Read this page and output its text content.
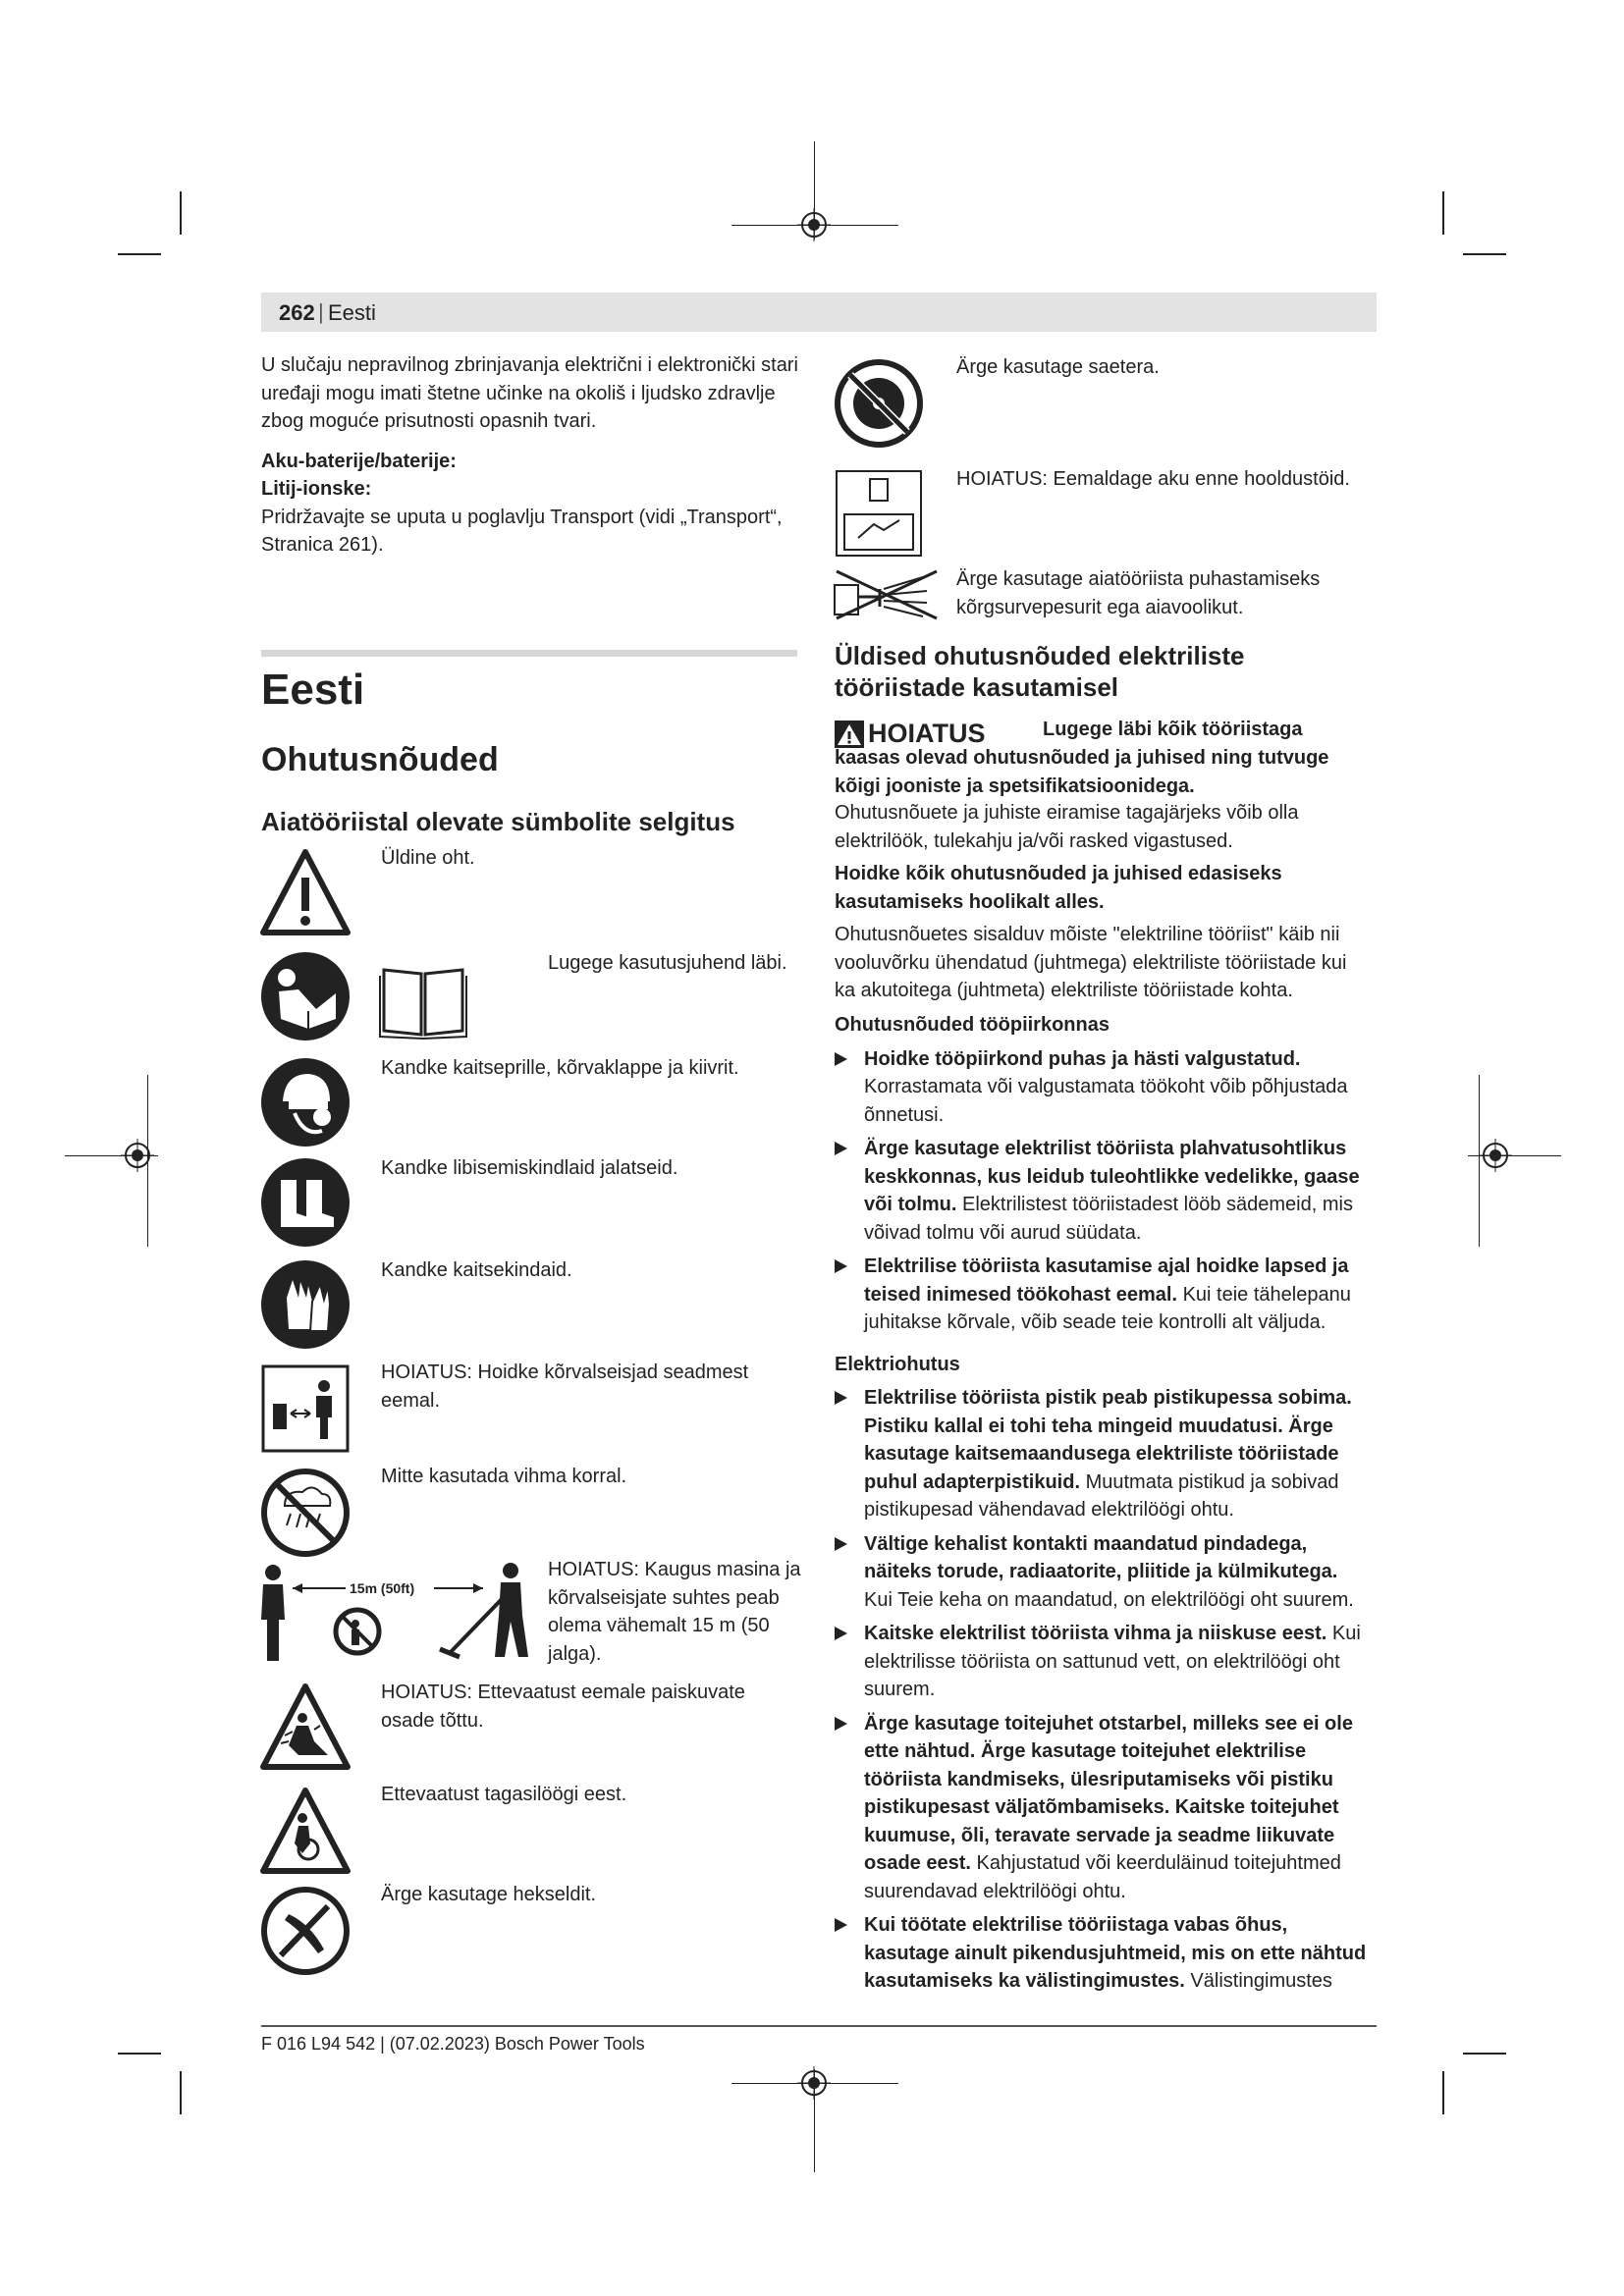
262 | Eesti

U slučaju nepravilnog zbrinjavanja električni i elektronički stari uređaji mogu imati štetne učinke na okoliš i ljudsko zdravlje zbog moguće prisutnosti opasnih tvari.

Aku-baterije/baterije:
Litij-ionske:

Pridržavajte se uputa u poglavlju Transport (vidi „Transport“, Stranica 261).

Eesti
Ohutusnõuded
Aiatööriistal olevate sümbolite selgitus
Üldine oht.
Lugege kasutusjuhend läbi.
Kandke kaitseprille, kõrvaklappe ja kiivrit.
Kandke libisemiskindlaid jalatseid.
Kandke kaitsekindaid.
HOIATUS: Hoidke kõrvalseisjad seadmest eemal.
Mitte kasutada vihma korral.
15m (50ft)
HOIATUS: Kaugus masina ja kõrvalseisjate suhtes peab olema vähemalt 15 m (50 jalga).
HOIATUS: Ettevaatust eemale paiskuvate osade tõttu.
Ettevaatust tagasilöögi eest.
Ärge kasutage hekseldit.
Ärge kasutage saetera.
HOIATUS: Eemaldage aku enne hooldustöid.
Ärge kasutage aiatööriista puhastamiseks kõrgsurvepesurit ega aiavoolikut.
Üldised ohutusnõuded elektriliste tööriistade kasutamisel
HOIATUS	Lugege läbi kõik tööriistaga kaasas olevad ohutusnõuded ja juhised ning tutvuge kõigi jooniste ja spetsifikatsioonidega.
Ohutusnõuete ja juhiste eiramise tagajärjeks võib olla elektrilöök, tulekahju ja/või rasked vigastused.
Hoidke kõik ohutusnõuded ja juhised edasiseks kasutamiseks hoolikalt alles.
Ohutusnõuetes sisalduv mõiste "elektriline tööriist" käib nii vooluvõrku ühendatud (juhtmega) elektriliste tööriistade kui ka akutoitega (juhtmeta) elektriliste tööriistade kohta.
Ohutusnõuded tööpiirkonnas
Hoidke tööpiirkond puhas ja hästi valgustatud. Korrastamata või valgustamata töökoht võib põhjustada õnnetusi.
Ärge kasutage elektrilist tööriista plahvatusohtlikus keskkonnas, kus leidub tuleohtlikke vedelikke, gaase või tolmu. Elektrilistest tööriistadest lööb sädemeid, mis võivad tolmu või aurud süüdata.
Elektrilise tööriista kasutamise ajal hoidke lapsed ja teised inimesed töökohast eemal. Kui teie tähelepanu juhitakse kõrvale, võib seade teie kontrolli alt väljuda.
Elektriohutus
Elektrilise tööriista pistik peab pistikupessa sobima. Pistiku kallal ei tohi teha mingeid muudatusi. Ärge kasutage kaitsemaandusega elektriliste tööriistade puhul adapterpistikuid. Muutmata pistikud ja sobivad pistikupesad vähendavad elektrilöögi ohtu.
Vältige kehalist kontakti maandatud pindadega, näiteks torude, radiaatorite, pliitide ja külmikutega. Kui Teie keha on maandatud, on elektrilöögi oht suurem.
Kaitske elektrilist tööriista vihma ja niiskuse eest. Kui elektrilisse tööriista on sattunud vett, on elektrilöögi oht suurem.
Ärge kasutage toitejuhet otstarbel, milleks see ei ole ette nähtud. Ärge kasutage toitejuhet elektrilise tööriista kandmiseks, ülesriputamiseks või pistiku pistikupesast väljatõmbamiseks. Kaitske toitejuhet kuumuse, õli, teravate servade ja seadme liikuvate osade eest. Kahjustatud või keerduläinud toitejuhtmed suurendavad elektrilöögi ohtu.
Kui töötate elektrilise tööriistaga vabas õhus, kasutage ainult pikendusjuhtmeid, mis on ette nähtud kasutamiseks ka välistingimustes. Välistingimustes
F 016 L94 542 | (07.02.2023) Bosch Power Tools
